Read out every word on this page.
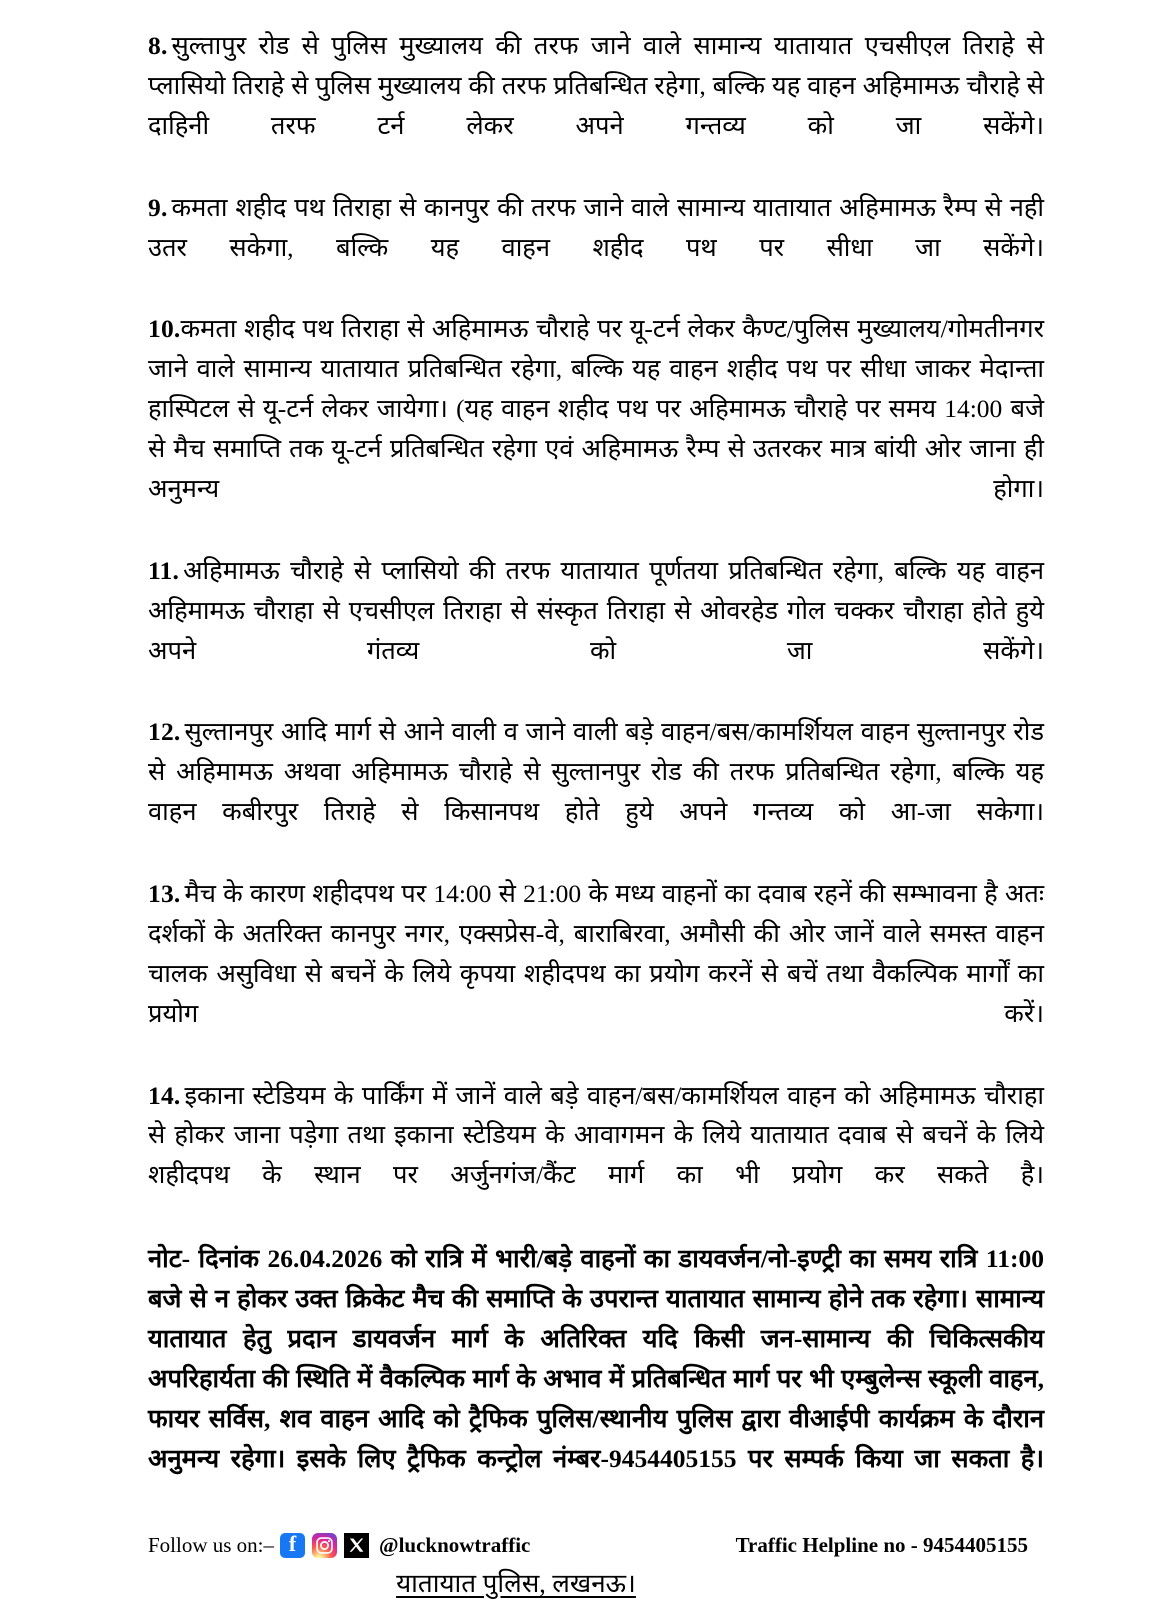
8. सुल्तापुर रोड से पुलिस मुख्यालय की तरफ जाने वाले सामान्य यातायात एचसीएल तिराहे से प्लासियो तिराहे से पुलिस मुख्यालय की तरफ प्रतिबन्धित रहेगा, बल्कि यह वाहन अहिमामऊ चौराहे से दाहिनी तरफ टर्न लेकर अपने गन्तव्य को जा सकेंगे।

9. कमता शहीद पथ तिराहा से कानपुर की तरफ जाने वाले सामान्य यातायात अहिमामऊ रैम्प से नही उतर सकेगा, बल्कि यह वाहन शहीद पथ पर सीधा जा सकेंगे।

10.कमता शहीद पथ तिराहा से अहिमामऊ चौराहे पर यू-टर्न लेकर कैण्ट/पुलिस मुख्यालय/गोमतीनगर जाने वाले सामान्य यातायात प्रतिबन्धित रहेगा, बल्कि यह वाहन शहीद पथ पर सीधा जाकर मेदान्ता हास्पिटल से यू-टर्न लेकर जायेगा। (यह वाहन शहीद पथ पर अहिमामऊ चौराहे पर समय 14:00 बजे से मैच समाप्ति तक यू-टर्न प्रतिबन्धित रहेगा एवं अहिमामऊ रैम्प से उतरकर मात्र बांयी ओर जाना ही अनुमन्य होगा।

11. अहिमामऊ चौराहे से प्लासियो की तरफ यातायात पूर्णतया प्रतिबन्धित रहेगा, बल्कि यह वाहन अहिमामऊ चौराहा से एचसीएल तिराहा से संस्कृत तिराहा से ओवरहेड गोल चक्कर चौराहा होते हुये अपने गंतव्य को जा सकेंगे।

12. सुल्तानपुर आदि मार्ग से आने वाली व जाने वाली बड़े वाहन/बस/कामर्शियल वाहन सुल्तानपुर रोड से अहिमामऊ अथवा अहिमामऊ चौराहे से सुल्तानपुर रोड की तरफ प्रतिबन्धित रहेगा, बल्कि यह वाहन कबीरपुर तिराहे से किसानपथ होते हुये अपने गन्तव्य को आ-जा सकेगा।

13. मैच के कारण शहीदपथ पर 14:00 से 21:00 के मध्य वाहनों का दवाब रहनें की सम्भावना है अतः दर्शकों के अतरिक्त कानपुर नगर, एक्सप्रेस-वे, बाराबिरवा, अमौसी की ओर जानें वाले समस्त वाहन चालक असुविधा से बचनें के लिये कृपया शहीदपथ का प्रयोग करनें से बचें तथा वैकल्पिक मार्गों का प्रयोग करें।

14. इकाना स्टेडियम के पार्किंग में जानें वाले बड़े वाहन/बस/कामर्शियल वाहन को अहिमामऊ चौराहा से होकर जाना पड़ेगा तथा इकाना स्टेडियम के आवागमन के लिये यातायात दवाब से बचनें के लिये शहीदपथ के स्थान पर अर्जुनगंज/कैंट मार्ग का भी प्रयोग कर सकते है।

नोट- दिनांक 26.04.2026 को रात्रि में भारी/बड़े वाहनों का डायवर्जन/नो-इण्ट्री का समय रात्रि 11:00 बजे से न होकर उक्त क्रिकेट मैच की समाप्ति के उपरान्त यातायात सामान्य होने तक रहेगा। सामान्य यातायात हेतु प्रदान डायवर्जन मार्ग के अतिरिक्त यदि किसी जन-सामान्य की चिकित्सकीय अपरिहार्यता की स्थिति में वैकल्पिक मार्ग के अभाव में प्रतिबन्धित मार्ग पर भी एम्बुलेन्स स्कूली वाहन, फायर सर्विस, शव वाहन आदि को ट्रैफिक पुलिस/स्थानीय पुलिस द्वारा वीआईपी कार्यक्रम के दौरान अनुमन्य रहेगा। इसके लिए ट्रैफिक कन्ट्रोल नंम्बर-9454405155 पर सम्पर्क किया जा सकता है।

Follow us on:– f	@lucknowtraffic	Traffic Helpline no - 9454405155
यातायात पुलिस, लखनऊ।
